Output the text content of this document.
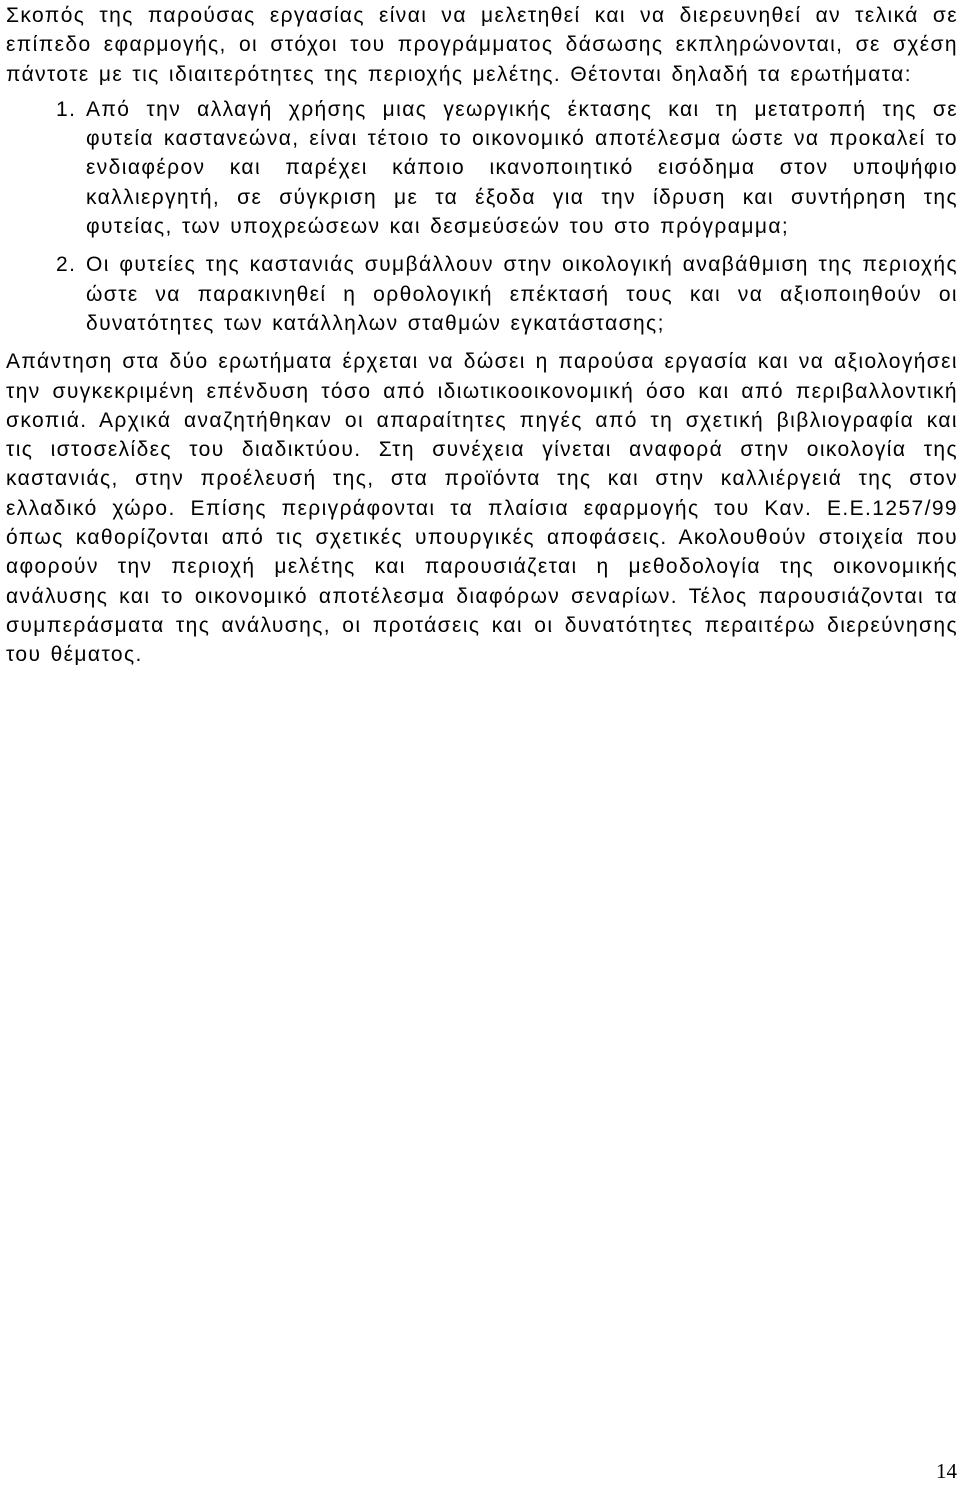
Σκοπός της παρούσας εργασίας είναι να μελετηθεί και να διερευνηθεί αν τελικά σε επίπεδο εφαρμογής, οι στόχοι του προγράμματος δάσωσης εκπληρώνονται, σε σχέση πάντοτε με τις ιδιαιτερότητες της περιοχής μελέτης. Θέτονται δηλαδή τα ερωτήματα:

1. Από την αλλαγή χρήσης μιας γεωργικής έκτασης και τη μετατροπή της σε φυτεία καστανεώνα, είναι τέτοιο το οικονομικό αποτέλεσμα ώστε να προκαλεί το ενδιαφέρον και παρέχει κάποιο ικανοποιητικό εισόδημα στον υποψήφιο καλλιεργητή, σε σύγκριση με τα έξοδα για την ίδρυση και συντήρηση της φυτείας, των υποχρεώσεων και δεσμεύσεών του στο πρόγραμμα;
2. Οι φυτείες της καστανιάς συμβάλλουν στην οικολογική αναβάθμιση της περιοχής ώστε να παρακινηθεί η ορθολογική επέκτασή τους και να αξιοποιηθούν οι δυνατότητες των κατάλληλων σταθμών εγκατάστασης;

Απάντηση στα δύο ερωτήματα έρχεται να δώσει η παρούσα εργασία και να αξιολογήσει την συγκεκριμένη επένδυση τόσο από ιδιωτικοοικονομική όσο και από περιβαλλοντική σκοπιά. Αρχικά αναζητήθηκαν οι απαραίτητες πηγές από τη σχετική βιβλιογραφία και τις ιστοσελίδες του διαδικτύου. Στη συνέχεια γίνεται αναφορά στην οικολογία της καστανιάς, στην προέλευσή της, στα προϊόντα της και στην καλλιέργειά της στον ελλαδικό χώρο. Επίσης περιγράφονται τα πλαίσια εφαρμογής του Καν. Ε.Ε.1257/99 όπως καθορίζονται από τις σχετικές υπουργικές αποφάσεις. Ακολουθούν στοιχεία που αφορούν την περιοχή μελέτης και παρουσιάζεται η μεθοδολογία της οικονομικής ανάλυσης και το οικονομικό αποτέλεσμα διαφόρων σεναρίων. Τέλος παρουσιάζονται τα συμπεράσματα της ανάλυσης, οι προτάσεις και οι δυνατότητες περαιτέρω διερεύνησης του θέματος.

14
